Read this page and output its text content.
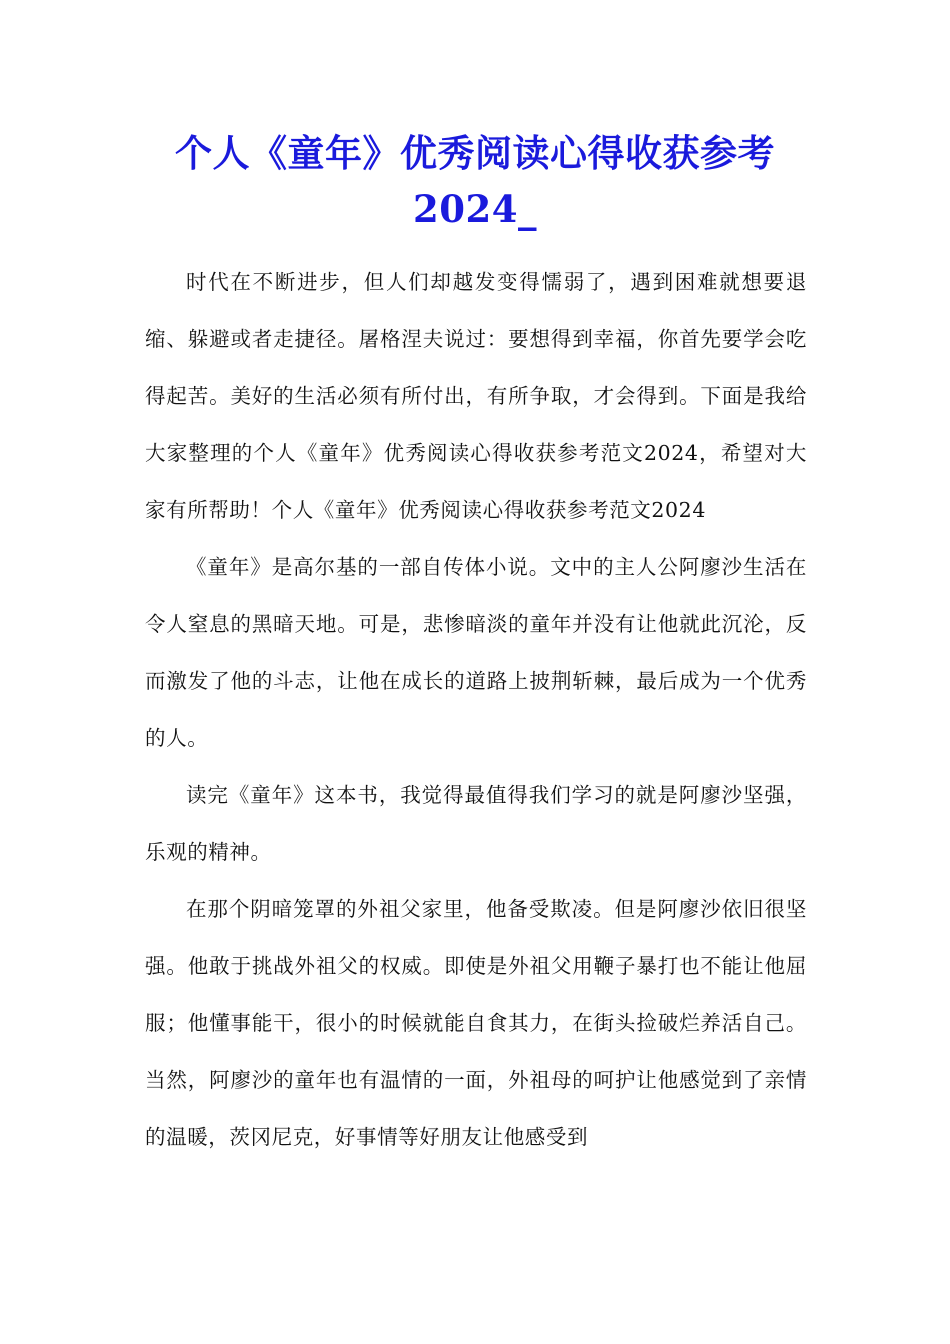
个人《童年》优秀阅读心得收获参考2024_

时代在不断进步，但人们却越发变得懦弱了，遇到困难就想要退缩、躲避或者走捷径。屠格涅夫说过：要想得到幸福，你首先要学会吃得起苦。美好的生活必须有所付出，有所争取，才会得到。下面是我给大家整理的个人《童年》优秀阅读心得收获参考范文2024，希望对大家有所帮助！个人《童年》优秀阅读心得收获参考范文2024

《童年》是高尔基的一部自传体小说。文中的主人公阿廖沙生活在令人窒息的黑暗天地。可是，悲惨暗淡的童年并没有让他就此沉沦，反而激发了他的斗志，让他在成长的道路上披荆斩棘，最后成为一个优秀的人。

读完《童年》这本书，我觉得最值得我们学习的就是阿廖沙坚强，乐观的精神。

在那个阴暗笼罩的外祖父家里，他备受欺凌。但是阿廖沙依旧很坚强。他敢于挑战外祖父的权威。即使是外祖父用鞭子暴打也不能让他屈服；他懂事能干，很小的时候就能自食其力，在街头捡破烂养活自己。当然，阿廖沙的童年也有温情的一面，外祖母的呵护让他感觉到了亲情的温暖，茨冈尼克，好事情等好朋友让他感受到
